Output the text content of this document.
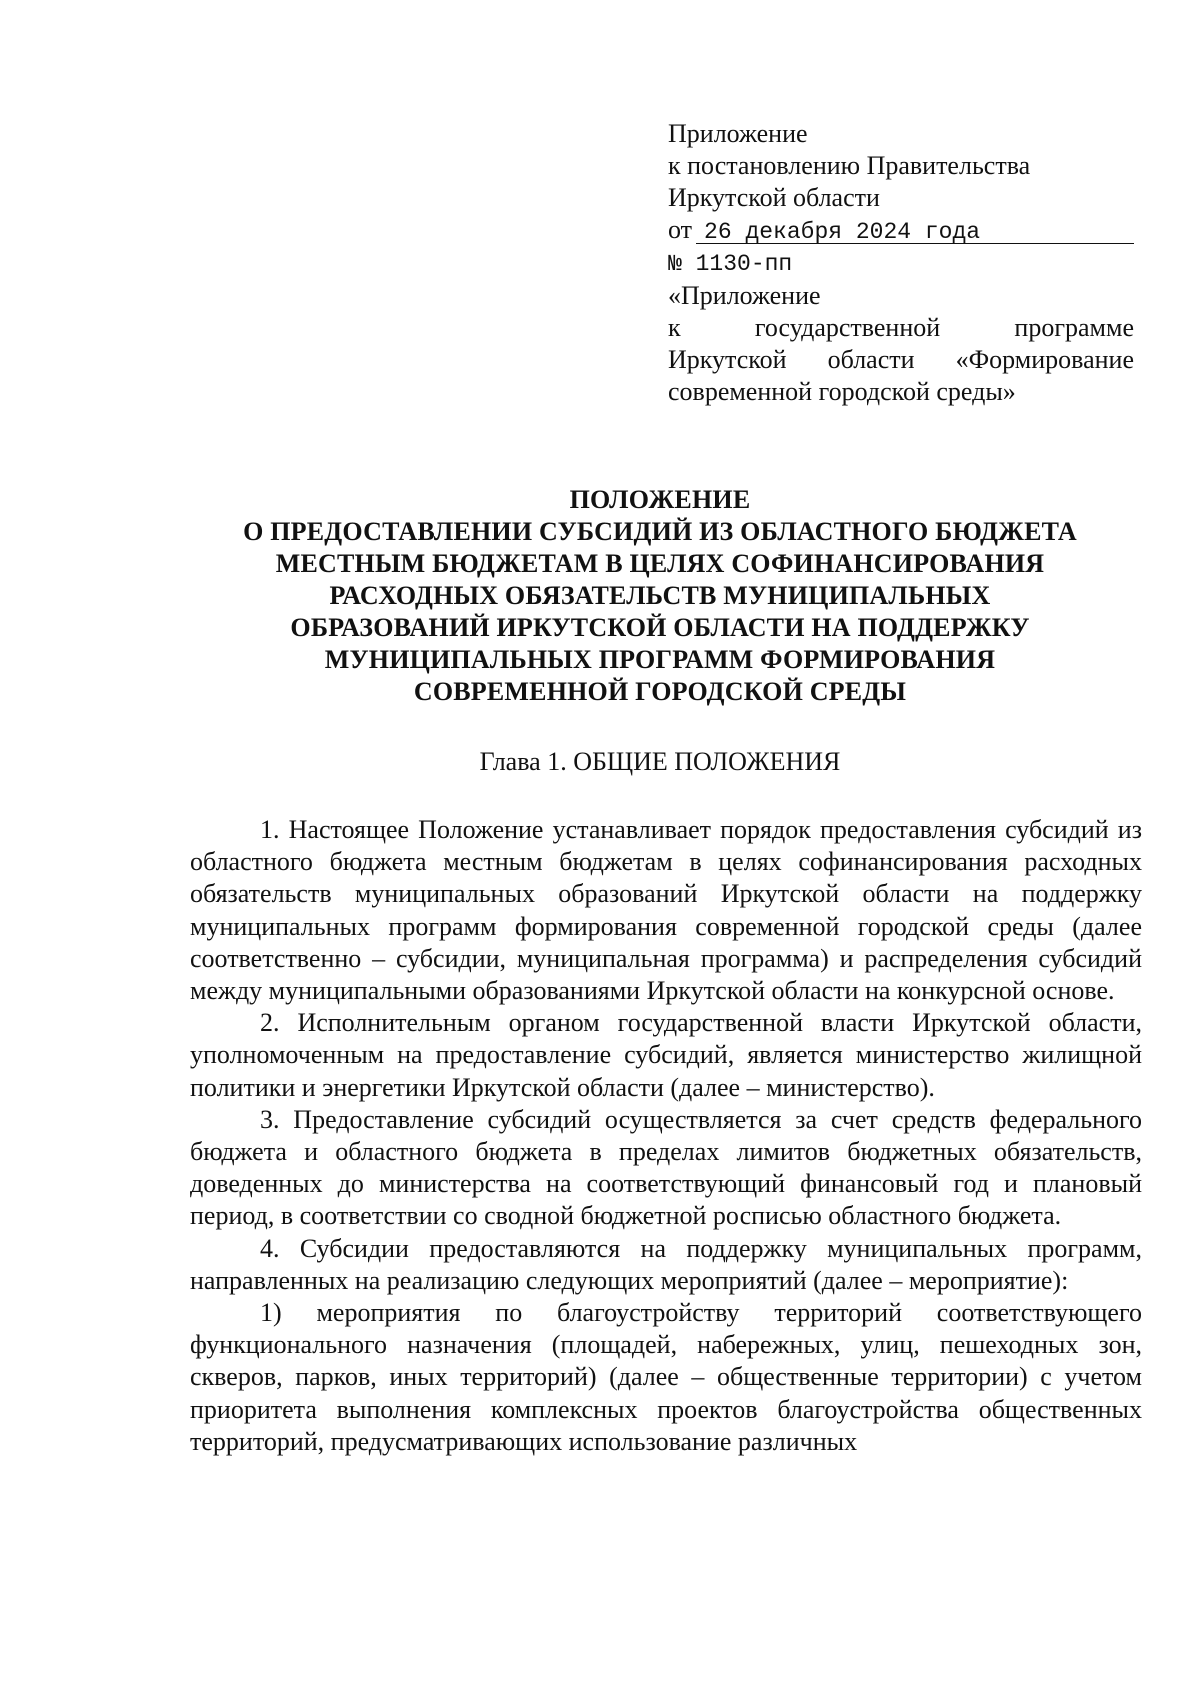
Приложение
к постановлению Правительства
Иркутской области
от 26 декабря 2024 года
№ 1130-пп
«Приложение
к	государственной	программе
Иркутской области «Формирование
современной городской среды»
ПОЛОЖЕНИЕ
О ПРЕДОСТАВЛЕНИИ СУБСИДИЙ ИЗ ОБЛАСТНОГО БЮДЖЕТА
МЕСТНЫМ БЮДЖЕТАМ В ЦЕЛЯХ СОФИНАНСИРОВАНИЯ
РАСХОДНЫХ ОБЯЗАТЕЛЬСТВ МУНИЦИПАЛЬНЫХ
ОБРАЗОВАНИЙ ИРКУТСКОЙ ОБЛАСТИ НА ПОДДЕРЖКУ
МУНИЦИПАЛЬНЫХ ПРОГРАММ ФОРМИРОВАНИЯ
СОВРЕМЕННОЙ ГОРОДСКОЙ СРЕДЫ
Глава 1. ОБЩИЕ ПОЛОЖЕНИЯ

1. Настоящее Положение устанавливает порядок предоставления субсидий из областного бюджета местным бюджетам в целях софинансирования расходных обязательств муниципальных образований Иркутской области на поддержку муниципальных программ формирования современной городской среды (далее соответственно – субсидии, муниципальная программа) и распределения субсидий между муниципальными образованиями Иркутской области на конкурсной основе.

2. Исполнительным органом государственной власти Иркутской области, уполномоченным на предоставление субсидий, является министерство жилищной политики и энергетики Иркутской области (далее – министерство).

3. Предоставление субсидий осуществляется за счет средств федерального бюджета и областного бюджета в пределах лимитов бюджетных обязательств, доведенных до министерства на соответствующий финансовый год и плановый период, в соответствии со сводной бюджетной росписью областного бюджета.

4. Субсидии предоставляются на поддержку муниципальных программ, направленных на реализацию следующих мероприятий (далее – мероприятие):

1) мероприятия по благоустройству территорий соответствующего функционального назначения (площадей, набережных, улиц, пешеходных зон, скверов, парков, иных территорий) (далее – общественные территории) с учетом приоритета выполнения комплексных проектов благоустройства общественных территорий, предусматривающих использование различных
